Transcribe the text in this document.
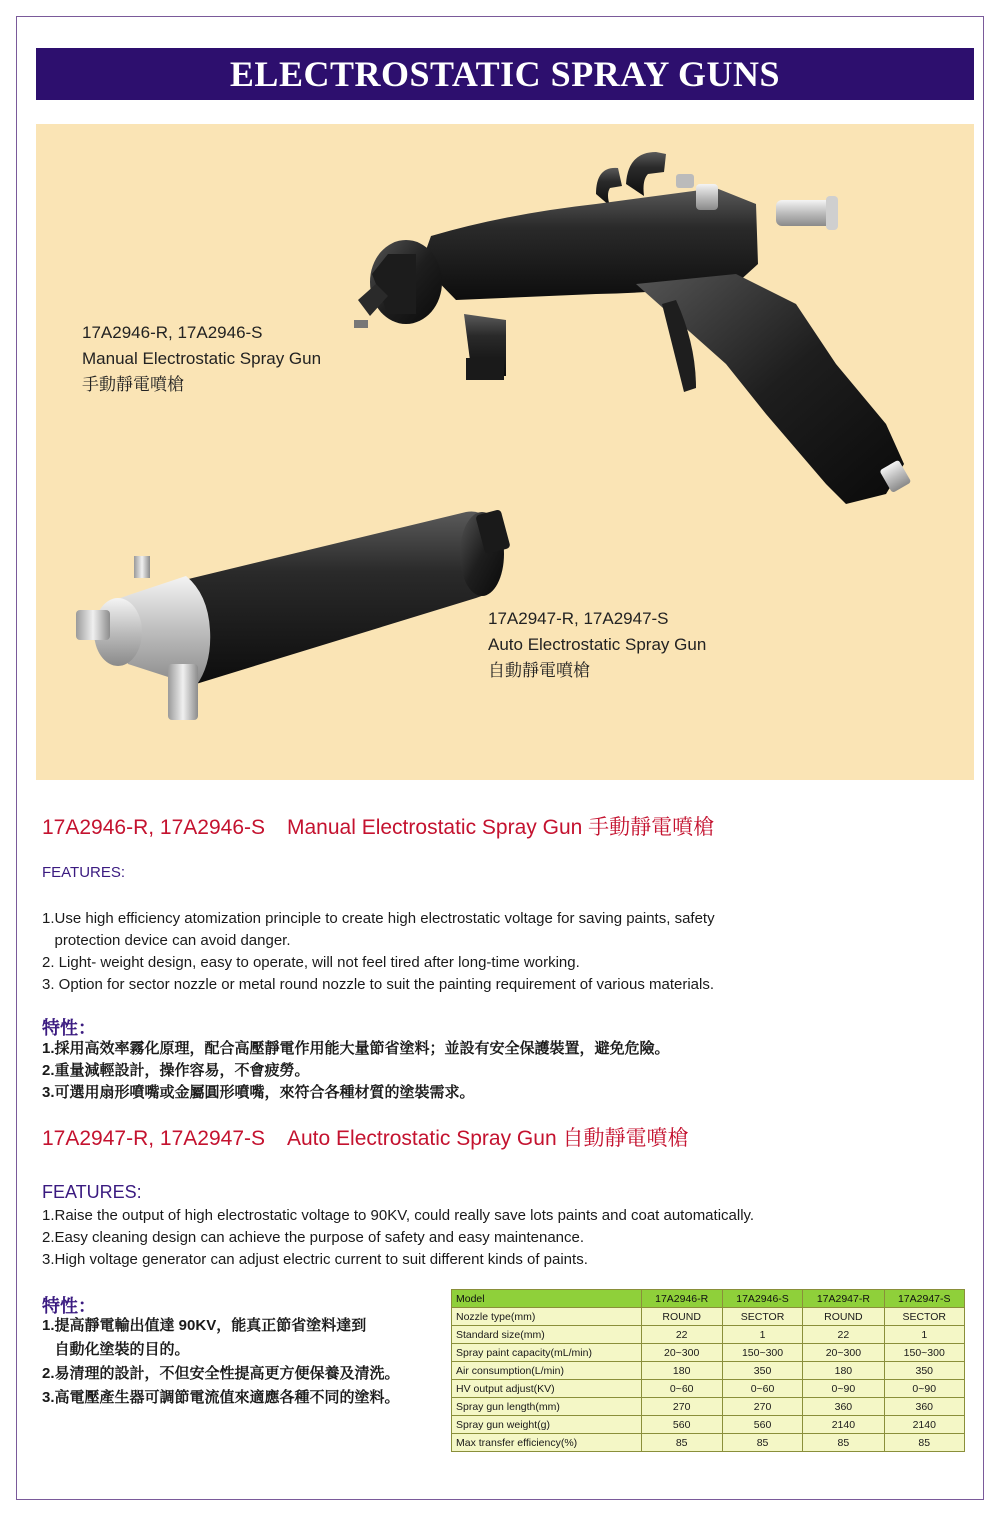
ELECTROSTATIC SPRAY GUNS
17A2946-R, 17A2946-S
Manual Electrostatic Spray Gun
手動靜電噴槍
17A2947-R, 17A2947-S
Auto Electrostatic Spray Gun
自動靜電噴槍
17A2946-R, 17A2946-S Manual Electrostatic Spray Gun 手動靜電噴槍
FEATURES:
1.Use high efficiency atomization principle to create high electrostatic voltage for saving paints, safety
protection device can avoid danger.
2. Light- weight design, easy to operate, will not feel tired after long-time working.
3. Option for sector nozzle or metal round nozzle to suit the painting requirement of various materials.
特性：
1.採用高效率霧化原理，配合高壓靜電作用能大量節省塗料；並設有安全保護裝置，避免危險。
2.重量減輕設計，操作容易，不會疲勞。
3.可選用扇形噴嘴或金屬圓形噴嘴，來符合各種材質的塗裝需求。
17A2947-R, 17A2947-S Auto Electrostatic Spray Gun 自動靜電噴槍
FEATURES:
1.Raise the output of high electrostatic voltage to 90KV, could really save lots paints and coat automatically.
2.Easy cleaning design can achieve the purpose of safety and easy maintenance.
3.High voltage generator can adjust electric current to suit different kinds of paints.
特性：
1.提高靜電輸出值達 90KV，能真正節省塗料達到
自動化塗裝的目的。
2.易清理的設計，不但安全性提高更方便保養及清洗。
3.高電壓產生器可調節電流值來適應各種不同的塗料。
Model	17A2946-R	17A2946-S	17A2947-R	17A2947-S
Nozzle type(mm)	ROUND	SECTOR	ROUND	SECTOR
Standard size(mm)	22	1	22	1
Spray paint capacity(mL/min)	20~300	150~300	20~300	150~300
Air consumption(L/min)	180	350	180	350
HV output adjust(KV)	0~60	0~60	0~90	0~90
Spray gun length(mm)	270	270	360	360
Spray gun weight(g)	560	560	2140	2140
Max transfer efficiency(%)	85	85	85	85
